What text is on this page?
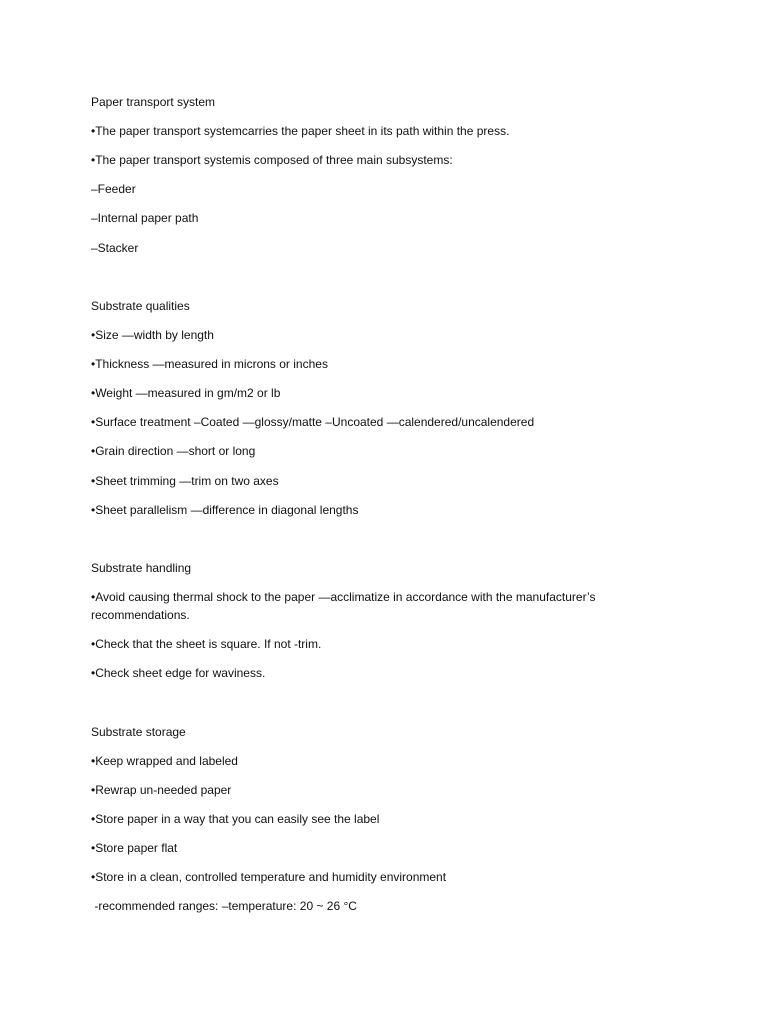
Paper transport system
•The paper transport systemcarries the paper sheet in its path within the press.
•The paper transport systemis composed of three main subsystems:
–Feeder
–Internal paper path
–Stacker
Substrate qualities
•Size —width by length
•Thickness —measured in microns or inches
•Weight —measured in gm/m2 or lb
•Surface treatment –Coated —glossy/matte –Uncoated —calendered/uncalendered
•Grain direction —short or long
•Sheet trimming —trim on two axes
•Sheet parallelism —difference in diagonal lengths
Substrate handling
•Avoid causing thermal shock to the paper —acclimatize in accordance with the manufacturer’s recommendations.
•Check that the sheet is square. If not -trim.
•Check sheet edge for waviness.
Substrate storage
•Keep wrapped and labeled
•Rewrap un-needed paper
•Store paper in a way that you can easily see the label
•Store paper flat
•Store in a clean, controlled temperature and humidity environment
-recommended ranges: –temperature: 20 ~ 26 °C
